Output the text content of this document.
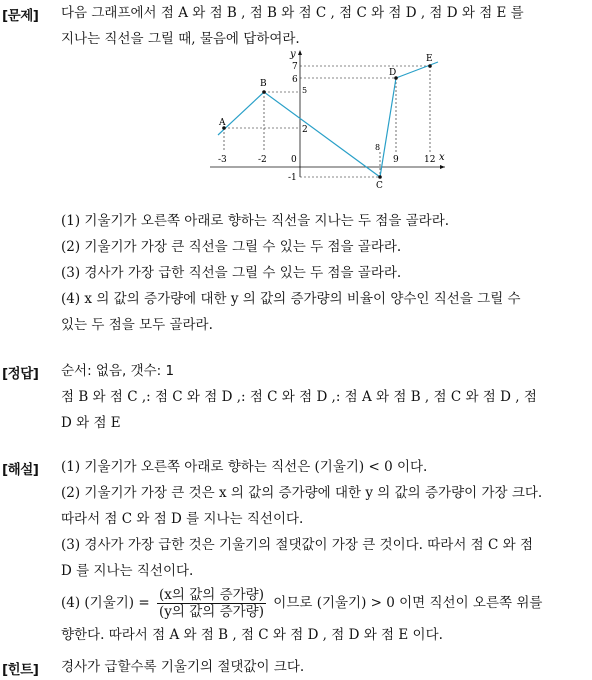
[문제] 다음 그래프에서 점 A 와 점 B , 점 B 와 점 C , 점 C 와 점 D , 점 D 와 점 E 를
지나는 직선을 그릴 때, 물음에 답하여라.
x
y
0
A
B
C
D
E
-3	-2
8
9	12
2
5
6
7
-1
(1) 기울기가 오른쪽 아래로 향하는 직선을 지나는 두 점을 골라라.
(2) 기울기가 가장 큰 직선을 그릴 수 있는 두 점을 골라라.
(3) 경사가 가장 급한 직선을 그릴 수 있는 두 점을 골라라.
(4) x 의 값의 증가량에 대한 y 의 값의 증가량의 비율이 양수인 직선을 그릴 수
있는 두 점을 모두 골라라.
[정답] 순서: 없음, 갯수: 1
점 B 와 점 C ,: 점 C 와 점 D ,: 점 C 와 점 D ,: 점 A 와 점 B , 점 C 와 점 D , 점
D 와 점 E
[해설] (1) 기울기가 오른쪽 아래로 향하는 직선은 (기울기) < 0 이다.
(2) 기울기가 가장 큰 것은 x 의 값의 증가량에 대한 y 의 값의 증가량이 가장 크다.
따라서 점 C 와 점 D 를 지나는 직선이다.
(3) 경사가 가장 급한 것은 기울기의 절댓값이 가장 큰 것이다. 따라서 점 C 와 점
D 를 지나는 직선이다.
(4) (기울기) = $\frac{\text{(x의 값의 증가량)}}{\text{(y의 값의 증가량)}}$ 이므로 (기울기) > 0 이면 직선이 오른쪽 위를
향한다. 따라서 점 A 와 점 B , 점 C 와 점 D , 점 D 와 점 E 이다.
[힌트] 경사가 급할수록 기울기의 절댓값이 크다.
